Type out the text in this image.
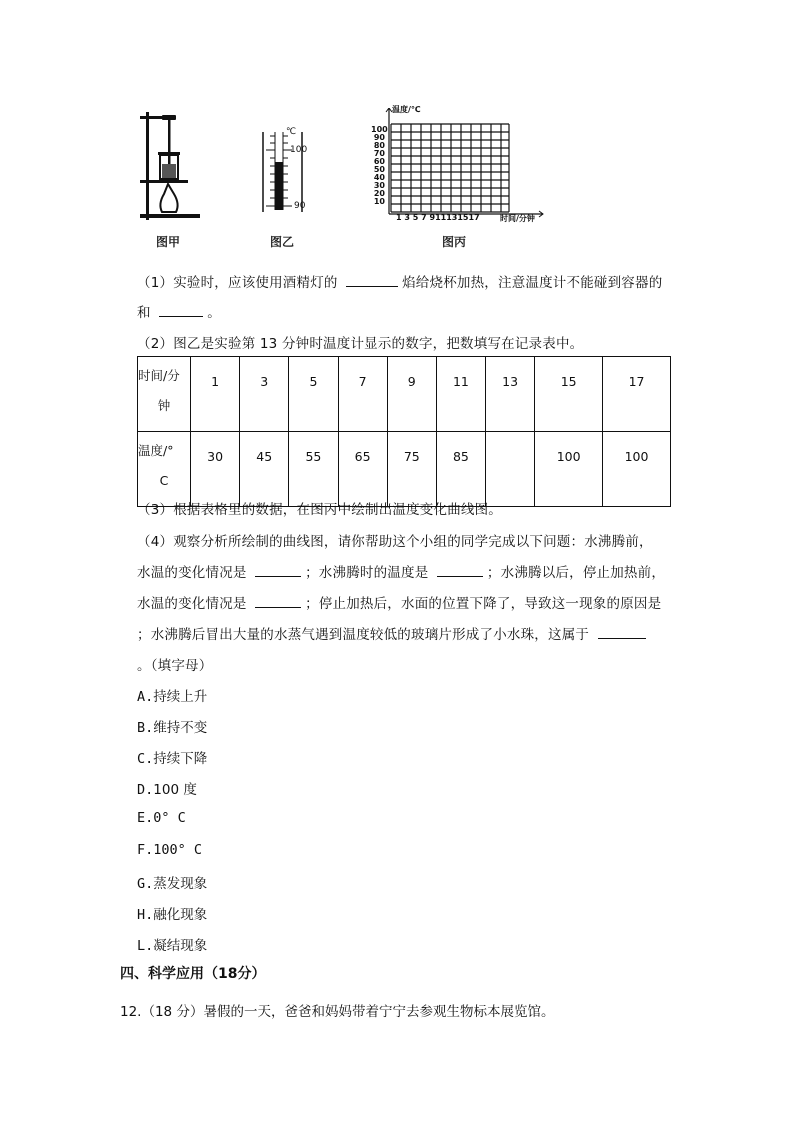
图甲
℃
100
90
图乙
温度/℃
100
90
80
70
60
50
40
30
20
10
1 3 5 7 911131517	时间/分钟
图丙
（1）实验时，应该使用酒精灯的	焰给烧杯加热，注意温度计不能碰到容器的
和	。
（2）图乙是实验第 13 分钟时温度计显示的数字，把数填写在记录表中。
时间/分
钟	1	3	5	7	9	11	13	15	17
温度/°
C	30	45	55	65	75	85		100	100
（3）根据表格里的数据，在图丙中绘制出温度变化曲线图。
（4）观察分析所绘制的曲线图，请你帮助这个小组的同学完成以下问题：水沸腾前，
水温的变化情况是	；水沸腾时的温度是	；水沸腾以后，停止加热前，
水温的变化情况是	；停止加热后，水面的位置下降了，导致这一现象的原因是
；水沸腾后冒出大量的水蒸气遇到温度较低的玻璃片形成了小水珠，这属于
。（填字母）
A.持续上升
B.维持不变
C.持续下降
D.100 度
E.0° C
F.100° C
G.蒸发现象
H.融化现象
L.凝结现象
四、科学应用（18分）
12.（18 分）暑假的一天，爸爸和妈妈带着宁宁去参观生物标本展览馆。
